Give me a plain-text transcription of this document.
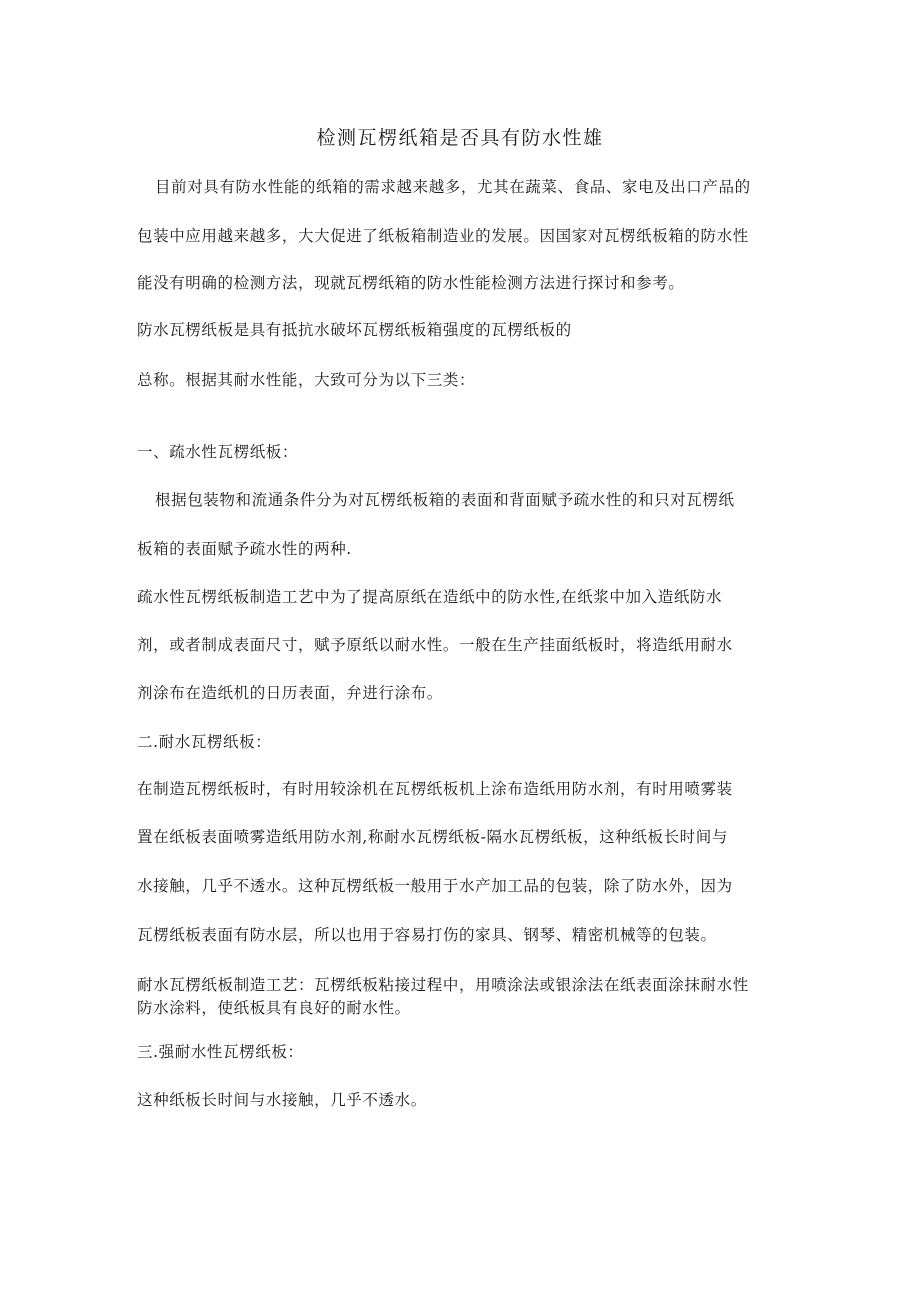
检测瓦楞纸箱是否具有防水性雄
目前对具有防水性能的纸箱的需求越来越多，尤其在蔬菜、食品、家电及出口产品的
包装中应用越来越多，大大促进了纸板箱制造业的发展。因国家对瓦楞纸板箱的防水性
能没有明确的检测方法，现就瓦楞纸箱的防水性能检测方法进行探讨和参考。
防水瓦楞纸板是具有抵抗水破坏瓦楞纸板箱强度的瓦楞纸板的
总称。根据其耐水性能，大致可分为以下三类：
一、疏水性瓦楞纸板：
根据包装物和流通条件分为对瓦楞纸板箱的表面和背面赋予疏水性的和只对瓦楞纸
板箱的表面赋予疏水性的两种.
疏水性瓦楞纸板制造工艺中为了提高原纸在造纸中的防水性,在纸浆中加入造纸防水
剂，或者制成表面尺寸，赋予原纸以耐水性。一般在生产挂面纸板时，将造纸用耐水
剂涂布在造纸机的日历表面，弁进行涂布。
二.耐水瓦楞纸板：
在制造瓦楞纸板时，有时用较涂机在瓦楞纸板机上涂布造纸用防水剂，有时用喷雾装
置在纸板表面喷雾造纸用防水剂,称耐水瓦楞纸板-隔水瓦楞纸板，这种纸板长时间与
水接触，几乎不透水。这种瓦楞纸板一般用于水产加工品的包装，除了防水外，因为
瓦楞纸板表面有防水层，所以也用于容易打伤的家具、钢琴、精密机械等的包装。
耐水瓦楞纸板制造工艺：瓦楞纸板粘接过程中，用喷涂法或银涂法在纸表面涂抹耐水性
防水涂料，使纸板具有良好的耐水性。
三.强耐水性瓦楞纸板：
这种纸板长时间与水接触，几乎不透水。
